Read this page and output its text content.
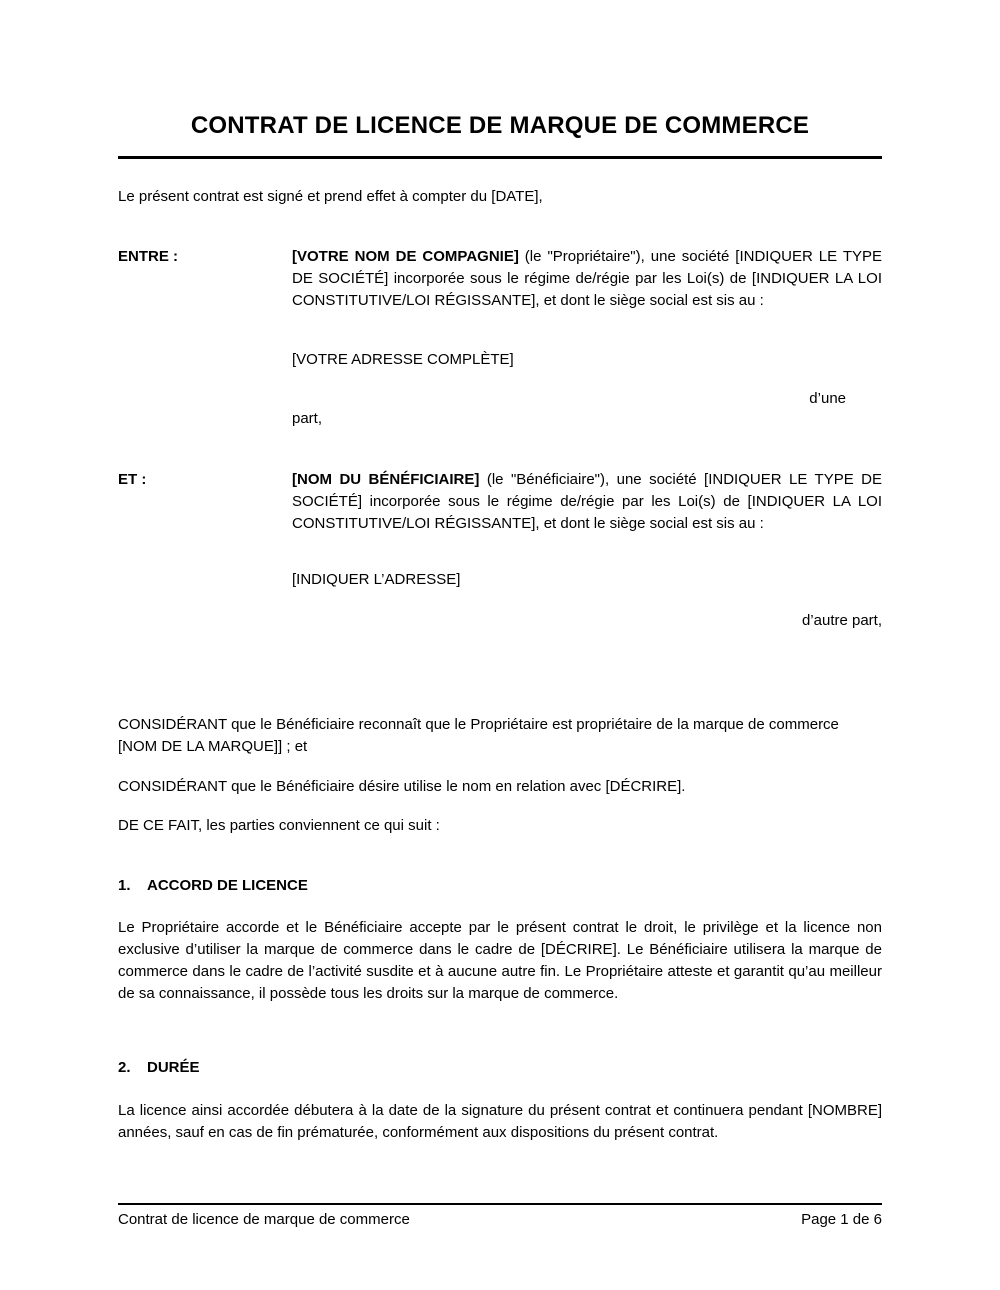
CONTRAT DE LICENCE DE MARQUE DE COMMERCE
Le présent contrat est signé et prend effet à compter du [DATE],
ENTRE :	[VOTRE NOM DE COMPAGNIE] (le "Propriétaire"), une société [INDIQUER LE TYPE DE SOCIÉTÉ] incorporée sous le régime de/régie par les Loi(s) de [INDIQUER LA LOI CONSTITUTIVE/LOI RÉGISSANTE], et dont le siège social est sis au :
[VOTRE ADRESSE COMPLÈTE]
d’une
part,
ET :	[NOM DU BÉNÉFICIAIRE] (le "Bénéficiaire"), une société [INDIQUER LE TYPE DE SOCIÉTÉ] incorporée sous le régime de/régie par les Loi(s) de [INDIQUER LA LOI CONSTITUTIVE/LOI RÉGISSANTE], et dont le siège social est sis au :
[INDIQUER L’ADRESSE]
d’autre part,
CONSIDÉRANT que le Bénéficiaire reconnaît que le Propriétaire est propriétaire de la marque de commerce [NOM DE LA MARQUE]] ; et
CONSIDÉRANT que le Bénéficiaire désire utilise le nom en relation avec [DÉCRIRE].
DE CE FAIT, les parties conviennent ce qui suit :
1.	ACCORD DE LICENCE
Le Propriétaire accorde et le Bénéficiaire accepte par le présent contrat le droit, le privilège et la licence non exclusive d’utiliser la marque de commerce dans le cadre de [DÉCRIRE]. Le Bénéficiaire utilisera la marque de commerce dans le cadre de l’activité susdite et à aucune autre fin. Le Propriétaire atteste et garantit qu’au meilleur de sa connaissance, il possède tous les droits sur la marque de commerce.
2.	DURÉE
La licence ainsi accordée débutera à la date de la signature du présent contrat et continuera pendant [NOMBRE] années, sauf en cas de fin prématurée, conformément aux dispositions du présent contrat.
Contrat de licence de marque de commerce	Page 1 de 6
